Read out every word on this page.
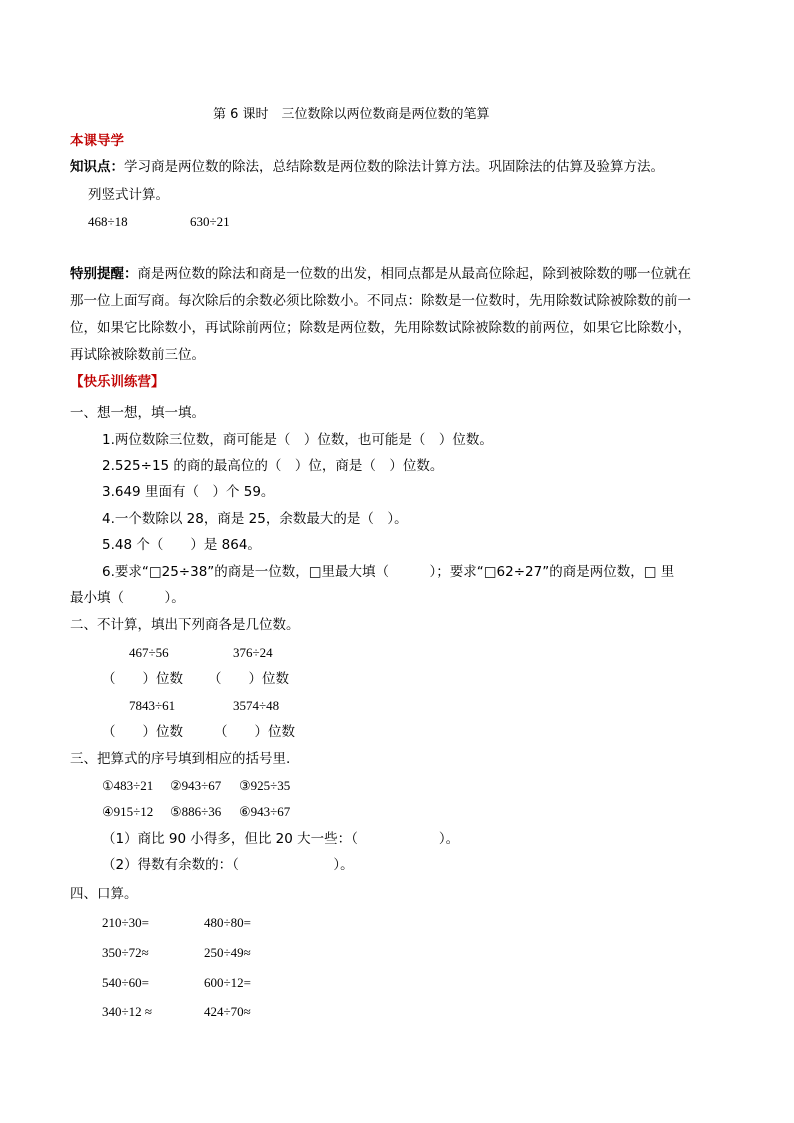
第 6 课时　三位数除以两位数商是两位数的笔算
本课导学
知识点：学习商是两位数的除法，总结除数是两位数的除法计算方法。巩固除法的估算及验算方法。
列竖式计算。
468÷18	630÷21
特别提醒：商是两位数的除法和商是一位数的出发，相同点都是从最高位除起，除到被除数的哪一位就在
那一位上面写商。每次除后的余数必须比除数小。不同点：除数是一位数时，先用除数试除被除数的前一
位，如果它比除数小，再试除前两位；除数是两位数，先用除数试除被除数的前两位，如果它比除数小，
再试除被除数前三位。
【快乐训练营】
一、想一想，填一填。
1.两位数除三位数，商可能是（　）位数，也可能是（　）位数。
2.525÷15 的商的最高位的（　）位，商是（　）位数。
3.649 里面有（　）个 59。
4.一个数除以 28，商是 25，余数最大的是（　）。
5.48 个（　　）是 864。
6.要求“□25÷38”的商是一位数，□里最大填（　　　）；要求“□62÷27”的商是两位数，□ 里
最小填（　　　）。
二、不计算，填出下列商各是几位数。
467÷56	376÷24
（　　）位数 （　　）位数
7843÷61	3574÷48
（　　）位数 （　　）位数
三、把算式的序号填到相应的括号里.
①483÷21 ②943÷67 ③925÷35
④915÷12 ⑤886÷36 ⑥943÷67
（1）商比 90 小得多，但比 20 大一些：（　　　　　　）。
（2）得数有余数的：（　　　　　　　）。
四、口算。
210÷30=	480÷80=
350÷72≈	250÷49≈
540÷60=	600÷12=
340÷12 ≈	424÷70≈
